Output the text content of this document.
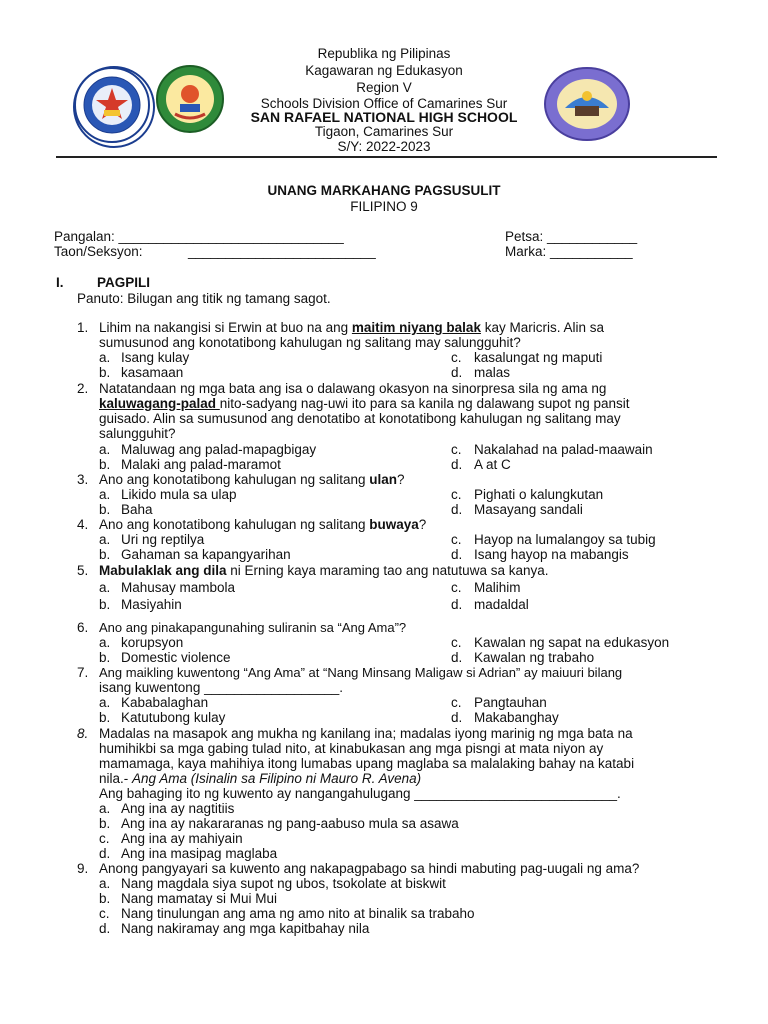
Republika ng Pilipinas
Kagawaran ng Edukasyon
Region V
Schools Division Office of Camarines Sur
SAN RAFAEL NATIONAL HIGH SCHOOL
Tigaon, Camarines Sur
S/Y: 2022-2023
UNANG MARKAHANG PAGSUSULIT
FILIPINO 9
Pangalan: ______________________________	Petsa: ____________
Taon/Seksyon:	_________________________	Marka: ___________
I. PAGPILI
Panuto: Bilugan ang titik ng tamang sagot.
1. Lihim na nakangisi si Erwin at buo na ang maitim niyang balak kay Maricris. Alin sa
sumusunod ang konotatibong kahulugan ng salitang may salungguhit?
a. Isang kulay	c. kasalungat ng maputi
b. kasamaan	d. malas
2. Natatandaan ng mga bata ang isa o dalawang okasyon na sinorpresa sila ng ama ng
kaluwagang-palad nito-sadyang nag-uwi ito para sa kanila ng dalawang supot ng pansit
guisado. Alin sa sumusunod ang denotatibo at konotatibong kahulugan ng salitang may
salungguhit?
a. Maluwag ang palad-mapagbigay	c. Nakalahad na palad-maawain
b. Malaki ang palad-maramot	d. A at C
3. Ano ang konotatibong kahulugan ng salitang ulan?
a. Likido mula sa ulap	c. Pighati o kalungkutan
b. Baha	d. Masayang sandali
4. Ano ang konotatibong kahulugan ng salitang buwaya?
a. Uri ng reptilya	c. Hayop na lumalangoy sa tubig
b. Gahaman sa kapangyarihan	d. Isang hayop na mabangis
5. Mabulaklak ang dila ni Erning kaya maraming tao ang natutuwa sa kanya.
a. Mahusay mambola	c. Malihim
b. Masiyahin	d. madaldal
6. Ano ang pinakapangunahing suliranin sa “Ang Ama”?
a. korupsyon	c. Kawalan ng sapat na edukasyon
b. Domestic violence	d. Kawalan ng trabaho
7. Ang maikling kuwentong “Ang Ama” at “Nang Minsang Maligaw si Adrian” ay maiuuri bilang
isang kuwentong __________________.
a. Kababalaghan	c. Pangtauhan
b. Katutubong kulay	d. Makabanghay
8. Madalas na masapok ang mukha ng kanilang ina; madalas iyong marinig ng mga bata na
humihikbi sa mga gabing tulad nito, at kinabukasan ang mga pisngi at mata niyon ay
mamamaga, kaya mahihiya itong lumabas upang maglaba sa malalaking bahay na katabi
nila.- Ang Ama (Isinalin sa Filipino ni Mauro R. Avena)
Ang bahaging ito ng kuwento ay nangangahulugang ___________________________.
a. Ang ina ay nagtitiis
b. Ang ina ay nakararanas ng pang-aabuso mula sa asawa
c. Ang ina ay mahiyain
d. Ang ina masipag maglaba
9. Anong pangyayari sa kuwento ang nakapagpabago sa hindi mabuting pag-uugali ng ama?
a. Nang magdala siya supot ng ubos, tsokolate at biskwit
b. Nang mamatay si Mui Mui
c. Nang tinulungan ang ama ng amo nito at binalik sa trabaho
d. Nang nakiramay ang mga kapitbahay nila
